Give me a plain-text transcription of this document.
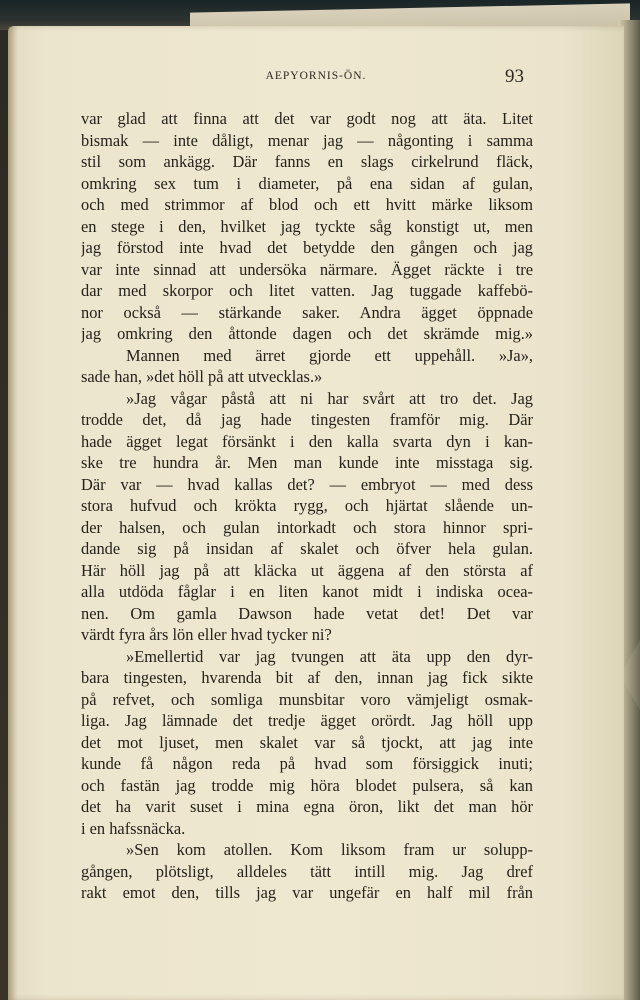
AEPYORNIS-ÖN.	93
var glad att finna att det var godt nog att äta. Litet
bismak — inte dåligt, menar jag — någonting i samma
stil som ankägg. Där fanns en slags cirkelrund fläck,
omkring sex tum i diameter, på ena sidan af gulan,
och med strimmor af blod och ett hvitt märke liksom
en stege i den, hvilket jag tyckte såg konstigt ut, men
jag förstod inte hvad det betydde den gången och jag
var inte sinnad att undersöka närmare. Ägget räckte i tre
dar med skorpor och litet vatten. Jag tuggade kaffebö-
nor också — stärkande saker. Andra ägget öppnade
jag omkring den åttonde dagen och det skrämde mig.»
Mannen med ärret gjorde ett uppehåll. »Ja»,
sade han, »det höll på att utvecklas.»
»Jag vågar påstå att ni har svårt att tro det. Jag
trodde det, då jag hade tingesten framför mig. Där
hade ägget legat försänkt i den kalla svarta dyn i kan-
ske tre hundra år. Men man kunde inte misstaga sig.
Där var — hvad kallas det? — embryot — med dess
stora hufvud och krökta rygg, och hjärtat slående un-
der halsen, och gulan intorkadt och stora hinnor spri-
dande sig på insidan af skalet och öfver hela gulan.
Här höll jag på att kläcka ut äggena af den största af
alla utdöda fåglar i en liten kanot midt i indiska ocea-
nen. Om gamla Dawson hade vetat det! Det var
värdt fyra års lön eller hvad tycker ni?
»Emellertid var jag tvungen att äta upp den dyr-
bara tingesten, hvarenda bit af den, innan jag fick sikte
på refvet, och somliga munsbitar voro vämjeligt osmak-
liga. Jag lämnade det tredje ägget orördt. Jag höll upp
det mot ljuset, men skalet var så tjockt, att jag inte
kunde få någon reda på hvad som försiggick inuti;
och fastän jag trodde mig höra blodet pulsera, så kan
det ha varit suset i mina egna öron, likt det man hör
i en hafssnäcka.
»Sen kom atollen. Kom liksom fram ur solupp-
gången, plötsligt, alldeles tätt intill mig. Jag dref
rakt emot den, tills jag var ungefär en half mil från
